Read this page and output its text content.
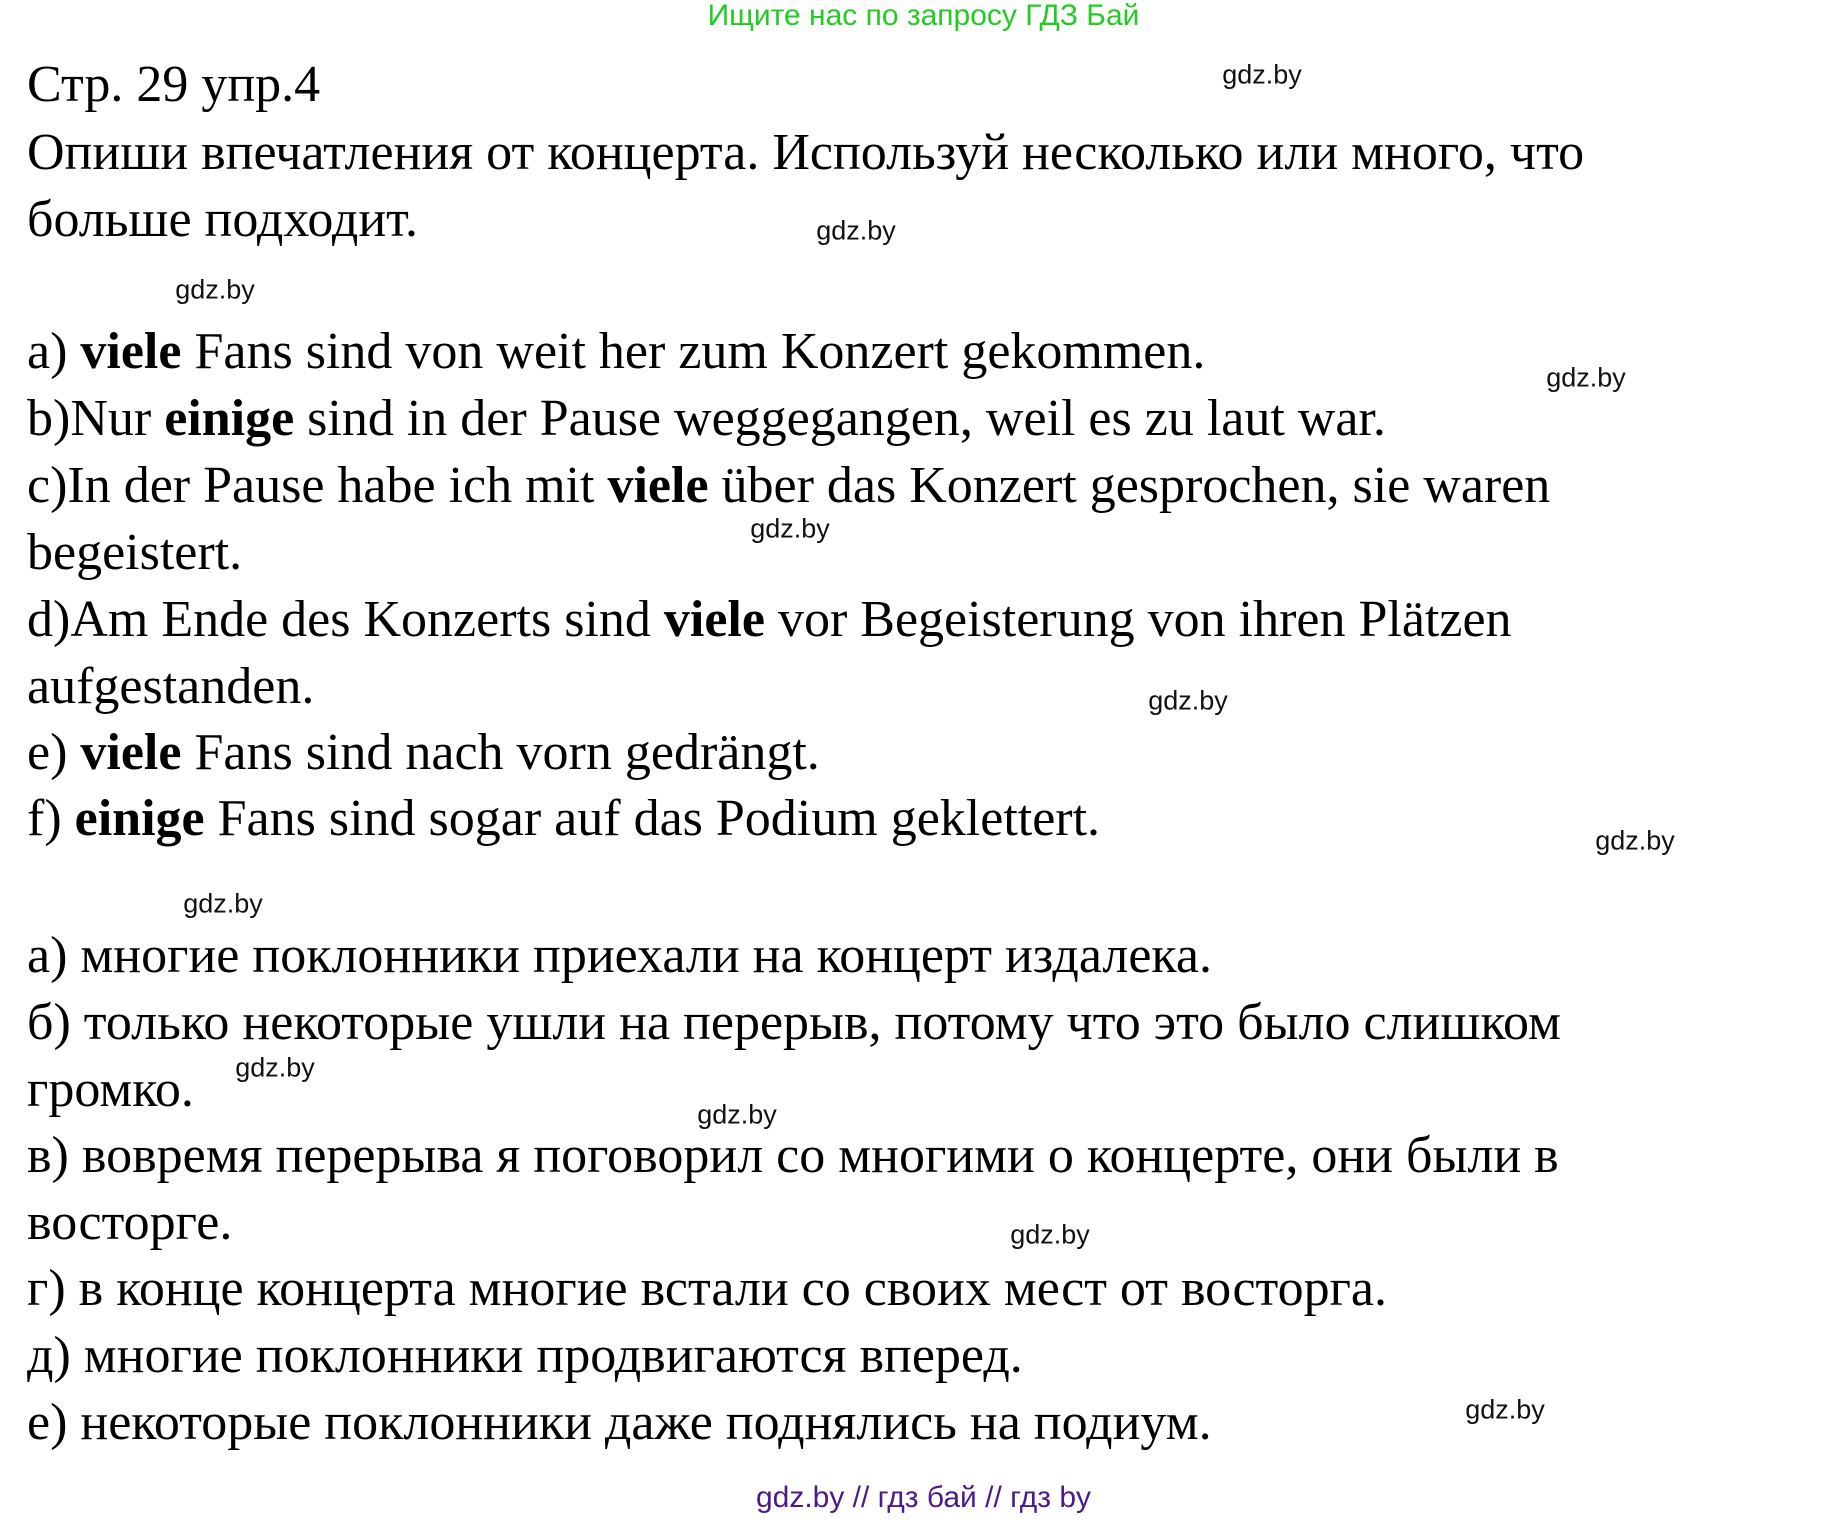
Ищите нас по запросу ГДЗ Бай
Стр. 29 упр.4
Опиши впечатления от концерта. Используй несколько или много, что
больше подходит.
a) viele Fans sind von weit her zum Konzert gekommen.
b)Nur einige sind in der Pause weggegangen, weil es zu laut war.
c)In der Pause habe ich mit viele über das Konzert gesprochen, sie waren
begeistert.
d)Am Ende des Konzerts sind viele vor Begeisterung von ihren Plätzen
aufgestanden.
e) viele Fans sind nach vorn gedrängt.
f) einige Fans sind sogar auf das Podium geklettert.
а) многие поклонники приехали на концерт издалека.
б) только некоторые ушли на перерыв, потому что это было слишком
громко.
в) вовремя перерыва я поговорил со многими о концерте, они были в
восторге.
г) в конце концерта многие встали со своих мест от восторга.
д) многие поклонники продвигаются вперед.
е) некоторые поклонники даже поднялись на подиум.
gdz.by
gdz.by
gdz.by
gdz.by
gdz.by
gdz.by
gdz.by
gdz.by
gdz.by
gdz.by
gdz.by
gdz.by
gdz.by // гдз бай // гдз by
